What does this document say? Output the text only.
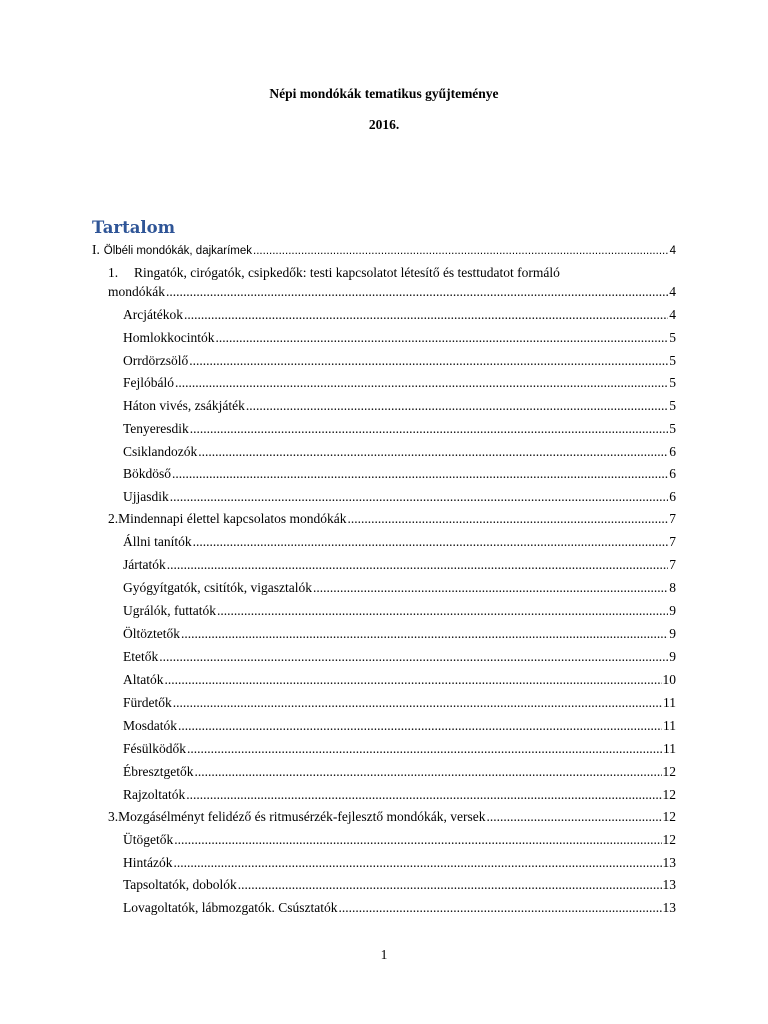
Népi mondókák tematikus gyűjteménye
2016.
Tartalom
I. Ölbéli mondókák, dajkarímek .....	4
1. Ringatók, cirógatók, csipkedők: testi kapcsolatot létesítő és testtudatot formáló
mondókák .....	4
Arcjátékok .....	4
Homlokkocintók .....	5
Orrdörzsölő .....	5
Fejlóbáló .....	5
Háton vivés, zsákjáték .....	5
Tenyeresdik .....	5
Csiklandozók .....	6
Bökdöső .....	6
Ujjasdik .....	6
2. Mindennapi élettel kapcsolatos mondókák .....	7
Állni tanítók .....	7
Jártatók .....	7
Gyógyítgatók, csitítók, vigasztalók .....	8
Ugrálók, futtatók .....	9
Öltöztetők .....	9
Etetők .....	9
Altatók .....	10
Fürdetők .....	11
Mosdatók .....	11
Fésülködők .....	11
Ébresztgetők .....	12
Rajzoltatók .....	12
3. Mozgásélményt felidéző és ritmusérzék-fejlesztő mondókák, versek .....	12
Ütögetők .....	12
Hintázók .....	13
Tapsoltatók, dobolók .....	13
Lovagoltatók, lábmozgatók. Csúsztatók .....	13
1
